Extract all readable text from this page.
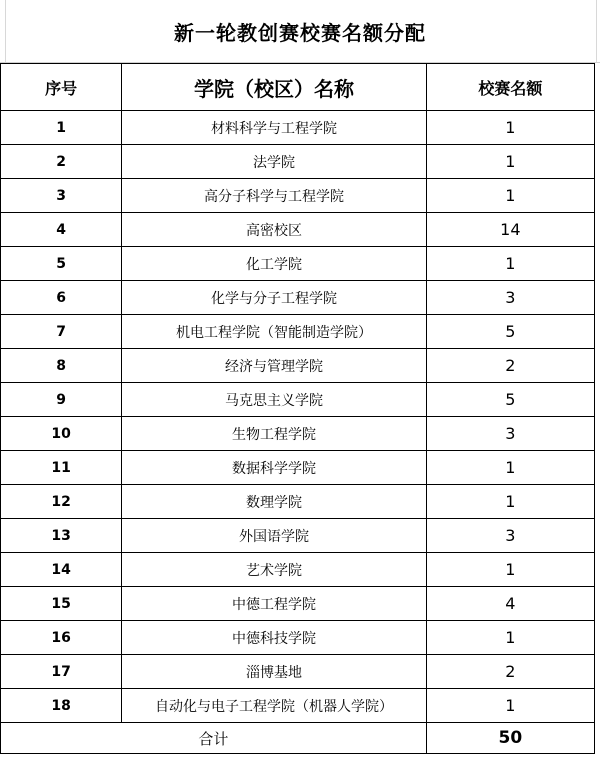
新一轮教创赛校赛名额分配
序号	学院（校区）名称	校赛名额
1	材料科学与工程学院	1
2	法学院	1
3	高分子科学与工程学院	1
4	高密校区	14
5	化工学院	1
6	化学与分子工程学院	3
7	机电工程学院（智能制造学院）	5
8	经济与管理学院	2
9	马克思主义学院	5
10	生物工程学院	3
11	数据科学学院	1
12	数理学院	1
13	外国语学院	3
14	艺术学院	1
15	中德工程学院	4
16	中德科技学院	1
17	淄博基地	2
18	自动化与电子工程学院（机器人学院）	1
合计		50
